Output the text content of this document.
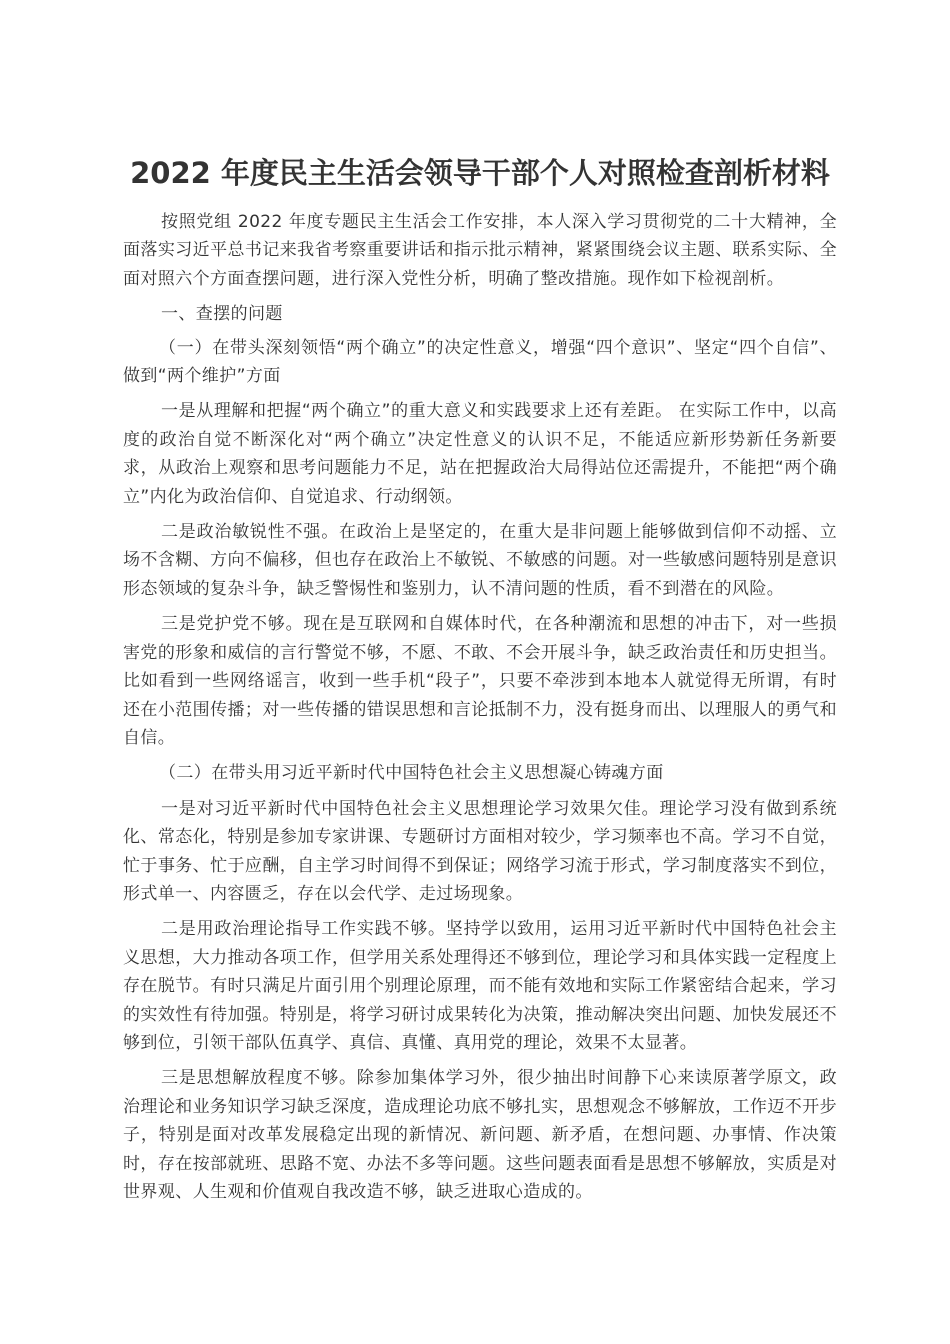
2022 年度民主生活会领导干部个人对照检查剖析材料

按照党组 2022 年度专题民主生活会工作安排，本人深入学习贯彻党的二十大精神，全面落实习近平总书记来我省考察重要讲话和指示批示精神，紧紧围绕会议主题、联系实际、全面对照六个方面查摆问题，进行深入党性分析，明确了整改措施。现作如下检视剖析。

一、查摆的问题

（一）在带头深刻领悟“两个确立”的决定性意义，增强“四个意识”、坚定“四个自信”、做到“两个维护”方面

一是从理解和把握“两个确立”的重大意义和实践要求上还有差距。 在实际工作中，以高度的政治自觉不断深化对“两个确立”决定性意义的认识不足，不能适应新形势新任务新要求，从政治上观察和思考问题能力不足，站在把握政治大局得站位还需提升，不能把“两个确立”内化为政治信仰、自觉追求、行动纲领。

二是政治敏锐性不强。在政治上是坚定的，在重大是非问题上能够做到信仰不动摇、立场不含糊、方向不偏移，但也存在政治上不敏锐、不敏感的问题。对一些敏感问题特别是意识形态领域的复杂斗争，缺乏警惕性和鉴别力，认不清问题的性质，看不到潜在的风险。

三是党护党不够。现在是互联网和自媒体时代，在各种潮流和思想的冲击下，对一些损害党的形象和威信的言行警觉不够，不愿、不敢、不会开展斗争，缺乏政治责任和历史担当。比如看到一些网络谣言，收到一些手机“段子”，只要不牵涉到本地本人就觉得无所谓，有时还在小范围传播；对一些传播的错误思想和言论抵制不力，没有挺身而出、以理服人的勇气和自信。

（二）在带头用习近平新时代中国特色社会主义思想凝心铸魂方面

一是对习近平新时代中国特色社会主义思想理论学习效果欠佳。理论学习没有做到系统化、常态化，特别是参加专家讲课、专题研讨方面相对较少，学习频率也不高。学习不自觉，忙于事务、忙于应酬，自主学习时间得不到保证；网络学习流于形式，学习制度落实不到位，形式单一、内容匮乏，存在以会代学、走过场现象。

二是用政治理论指导工作实践不够。坚持学以致用，运用习近平新时代中国特色社会主义思想，大力推动各项工作，但学用关系处理得还不够到位，理论学习和具体实践一定程度上存在脱节。有时只满足片面引用个别理论原理，而不能有效地和实际工作紧密结合起来，学习的实效性有待加强。特别是，将学习研讨成果转化为决策，推动解决突出问题、加快发展还不够到位，引领干部队伍真学、真信、真懂、真用党的理论，效果不太显著。

三是思想解放程度不够。除参加集体学习外，很少抽出时间静下心来读原著学原文，政治理论和业务知识学习缺乏深度，造成理论功底不够扎实，思想观念不够解放，工作迈不开步子，特别是面对改革发展稳定出现的新情况、新问题、新矛盾，在想问题、办事情、作决策时，存在按部就班、思路不宽、办法不多等问题。这些问题表面看是思想不够解放，实质是对世界观、人生观和价值观自我改造不够，缺乏进取心造成的。
